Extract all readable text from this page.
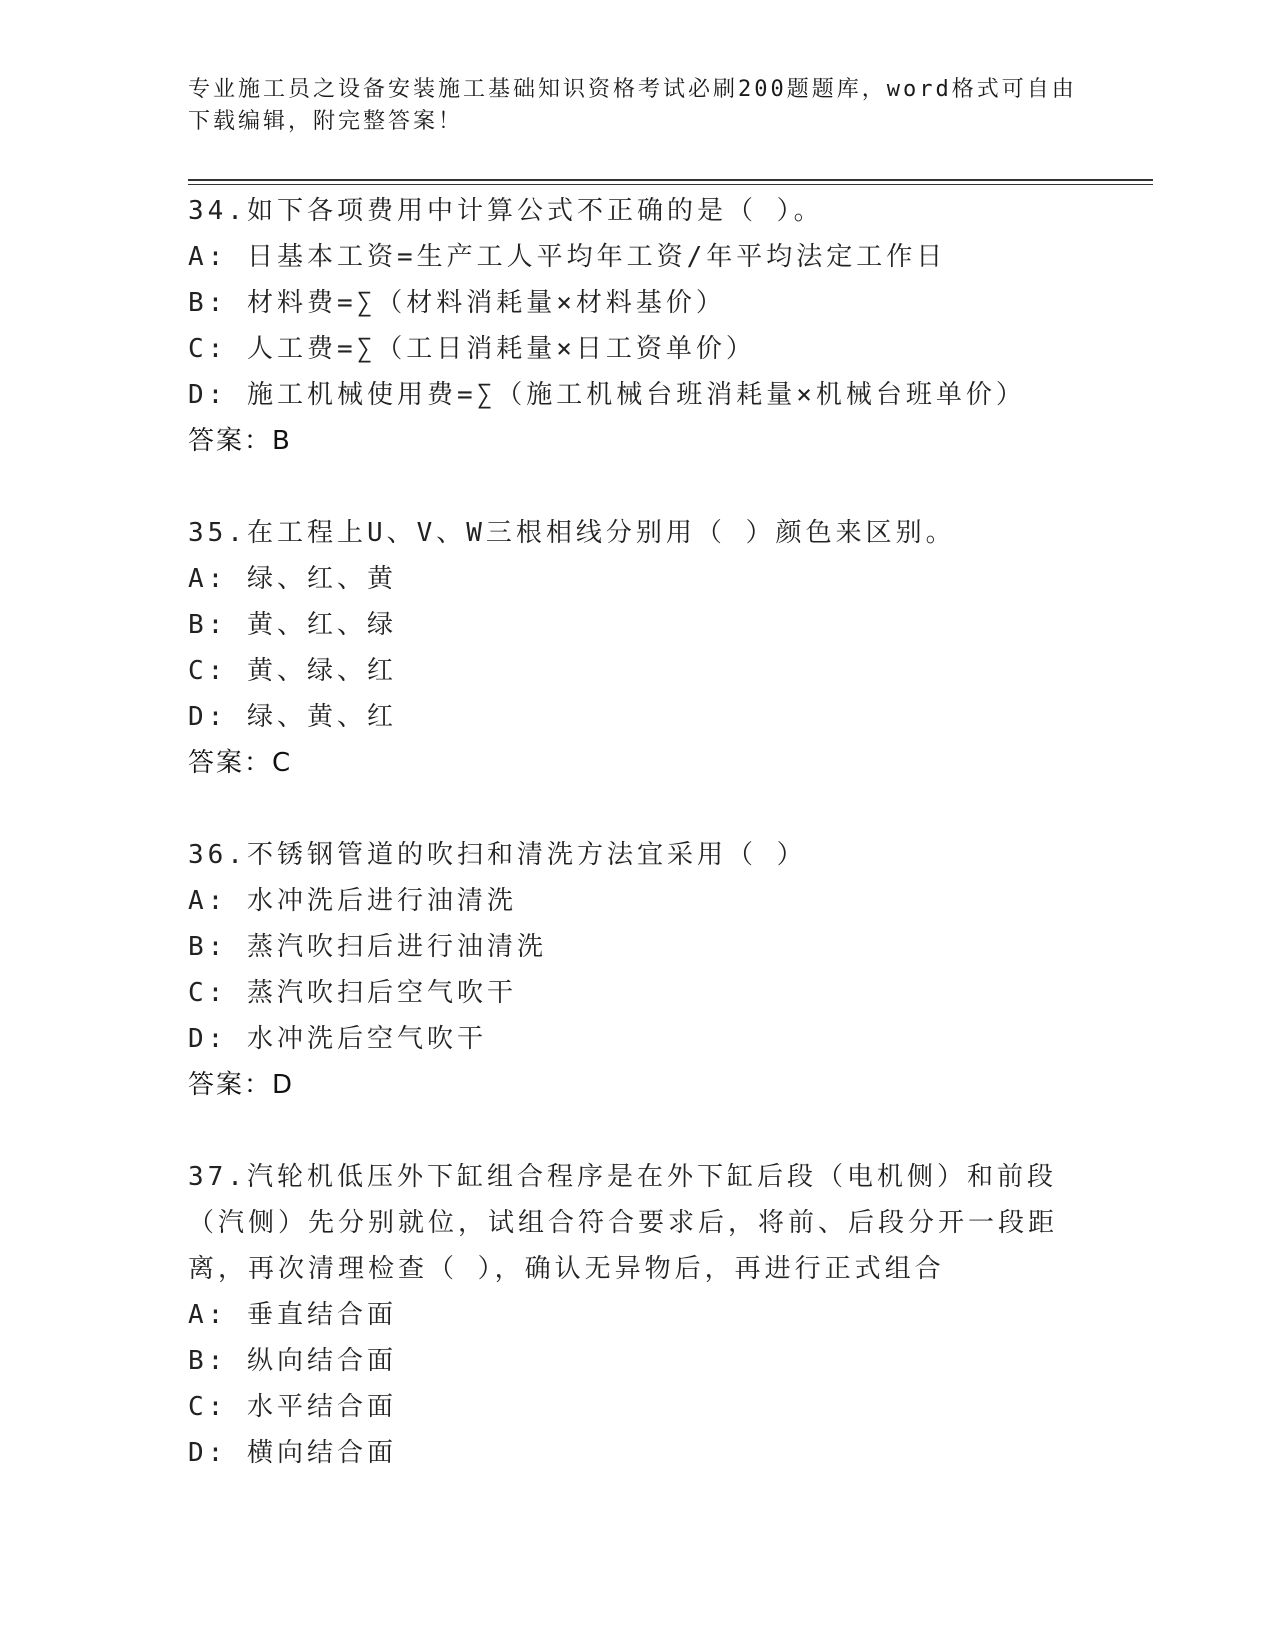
专业施工员之设备安装施工基础知识资格考试必刷200题题库，word格式可自由
下载编辑，附完整答案！
34.如下各项费用中计算公式不正确的是（ ）。
A: 日基本工资=生产工人平均年工资/年平均法定工作日
B: 材料费=∑（材料消耗量×材料基价）
C: 人工费=∑（工日消耗量×日工资单价）
D: 施工机械使用费=∑（施工机械台班消耗量×机械台班单价）
答案：B
35.在工程上U、V、W三根相线分别用（ ）颜色来区别。
A: 绿、红、黄
B: 黄、红、绿
C: 黄、绿、红
D: 绿、黄、红
答案：C
36.不锈钢管道的吹扫和清洗方法宜采用（ ）
A: 水冲洗后进行油清洗
B: 蒸汽吹扫后进行油清洗
C: 蒸汽吹扫后空气吹干
D: 水冲洗后空气吹干
答案：D
37.汽轮机低压外下缸组合程序是在外下缸后段（电机侧）和前段（汽侧）先分别就位，试组合符合要求后，将前、后段分开一段距离，再次清理检查（ ），确认无异物后，再进行正式组合
A: 垂直结合面
B: 纵向结合面
C: 水平结合面
D: 横向结合面
